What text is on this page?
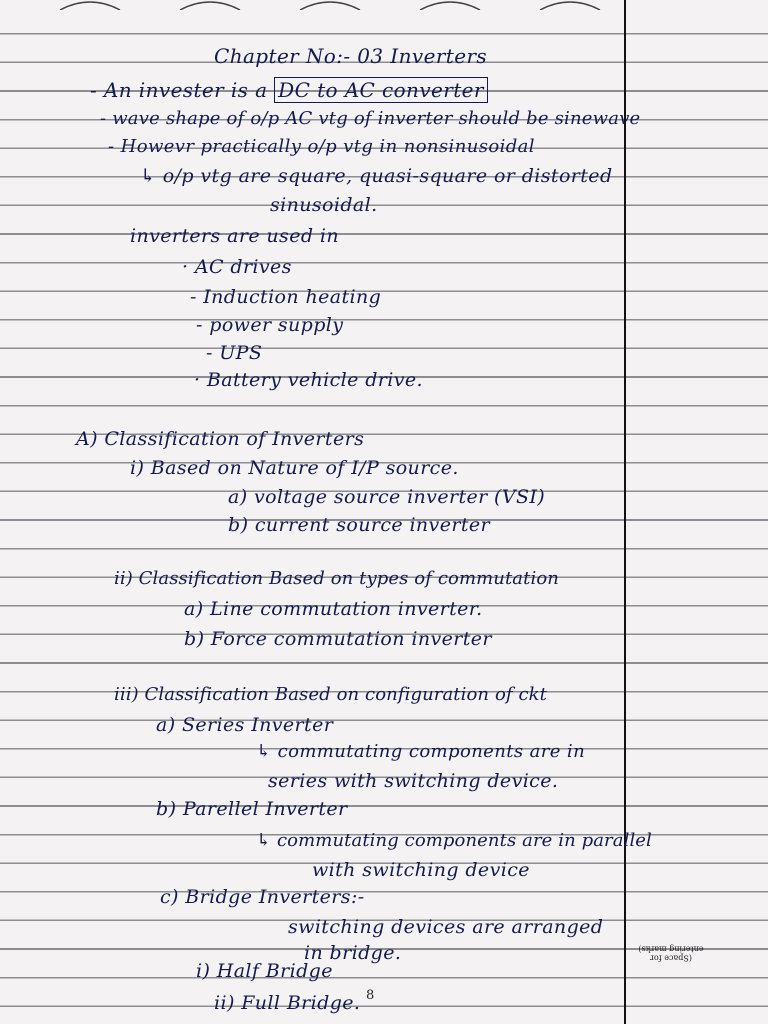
Chapter No:- 03 Inverters
- An invester is a DC to AC converter
- wave shape of o/p AC vtg of inverter should be sinewave
- Howevr practically o/p vtg in nonsinusoidal
↳ o/p vtg are square, quasi-square or distorted
sinusoidal.
inverters are used in
· AC drives
- Induction heating
- power supply
- UPS
· Battery vehicle drive.
A) Classification of Inverters
i) Based on Nature of I/P source.
a) voltage source inverter (VSI)
b) current source inverter
ii) Classification Based on types of commutation
a) Line commutation inverter.
b) Force commutation inverter
iii) Classification Based on configuration of ckt
a) Series Inverter
↳ commutating components are in
series with switching device.
b) Parellel Inverter
↳ commutating components are in parallel
with switching device
c) Bridge Inverters:-
switching devices are arranged
in bridge.
i) Half Bridge
ii) Full Bridge.
(Space for
entering marks)
8
